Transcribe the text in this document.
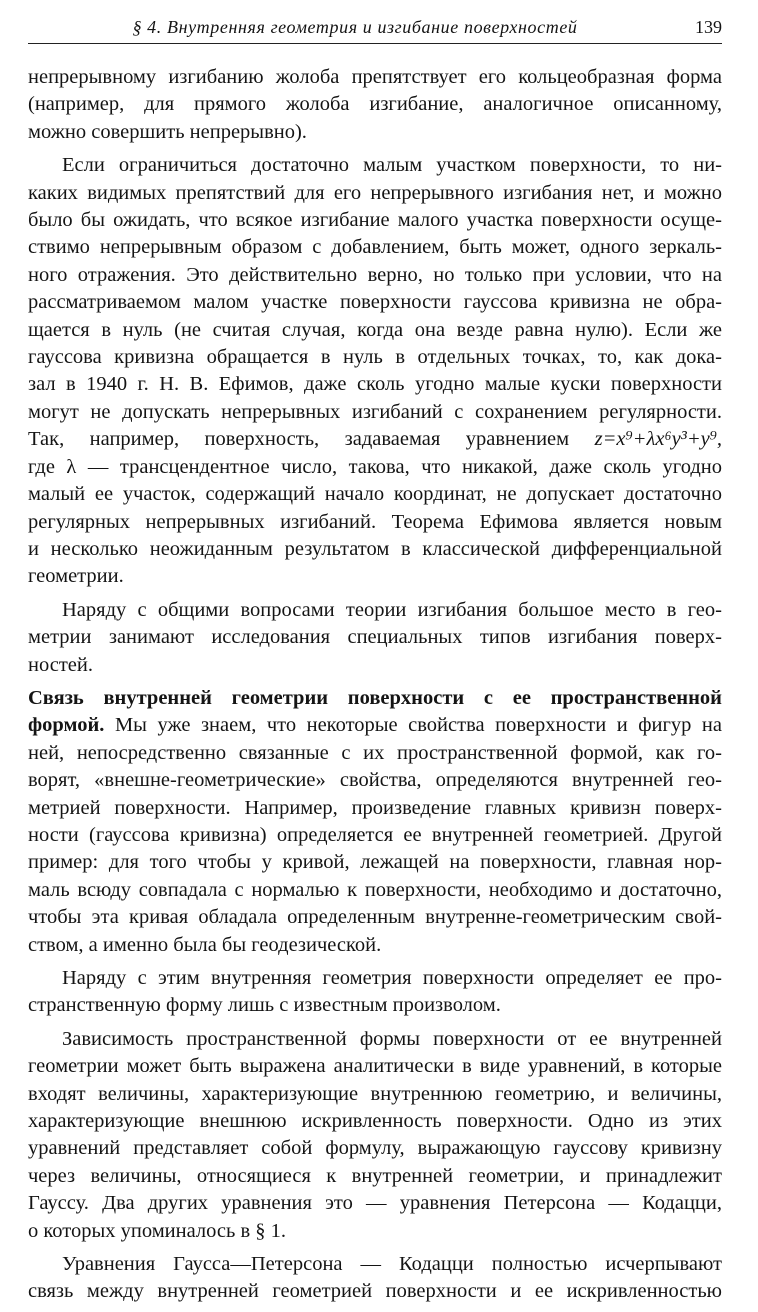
§ 4. Внутренняя геометрия и изгибание поверхностей	139
непрерывному изгибанию жолоба препятствует его кольцеобразная форма
(например, для прямого жолоба изгибание, аналогичное описанному,
можно совершить непрерывно).
Если ограничиться достаточно малым участком поверхности, то ни-
каких видимых препятствий для его непрерывного изгибания нет, и можно
было бы ожидать, что всякое изгибание малого участка поверхности осуще-
ствимо непрерывным образом с добавлением, быть может, одного зеркаль-
ного отражения. Это действительно верно, но только при условии, что на
рассматриваемом малом участке поверхности гауссова кривизна не обра-
щается в нуль (не считая случая, когда она везде равна нулю). Если же
гауссова кривизна обращается в нуль в отдельных точках, то, как дока-
зал в 1940 г. Н. В. Ефимов, даже сколь угодно малые куски поверхности
могут не допускать непрерывных изгибаний с сохранением регулярности.
Так, например, поверхность, задаваемая уравнением z=x⁹+λx⁶y³+y⁹,
где λ — трансцендентное число, такова, что никакой, даже сколь угодно
малый ее участок, содержащий начало координат, не допускает достаточно
регулярных непрерывных изгибаний. Теорема Ефимова является новым
и несколько неожиданным результатом в классической дифференциальной
геометрии.
Наряду с общими вопросами теории изгибания большое место в гео-
метрии занимают исследования специальных типов изгибания поверх-
ностей.
Связь внутренней геометрии поверхности с ее пространственной
формой. Мы уже знаем, что некоторые свойства поверхности и фигур на
ней, непосредственно связанные с их пространственной формой, как го-
ворят, «внешне-геометрические» свойства, определяются внутренней гео-
метрией поверхности. Например, произведение главных кривизн поверх-
ности (гауссова кривизна) определяется ее внутренней геометрией. Другой
пример: для того чтобы у кривой, лежащей на поверхности, главная нор-
маль всюду совпадала с нормалью к поверхности, необходимо и достаточно,
чтобы эта кривая обладала определенным внутренне-геометрическим свой-
ством, а именно была бы геодезической.
Наряду с этим внутренняя геометрия поверхности определяет ее про-
странственную форму лишь с известным произволом.
Зависимость пространственной формы поверхности от ее внутренней
геометрии может быть выражена аналитически в виде уравнений, в которые
входят величины, характеризующие внутреннюю геометрию, и величины,
характеризующие внешнюю искривленность поверхности. Одно из этих
уравнений представляет собой формулу, выражающую гауссову кривизну
через величины, относящиеся к внутренней геометрии, и принадлежит
Гауссу. Два других уравнения это — уравнения Петерсона — Кодацци,
о которых упоминалось в § 1.
Уравнения Гаусса—Петерсона — Кодацци полностью исчерпывают
связь между внутренней геометрией поверхности и ее искривленностью
